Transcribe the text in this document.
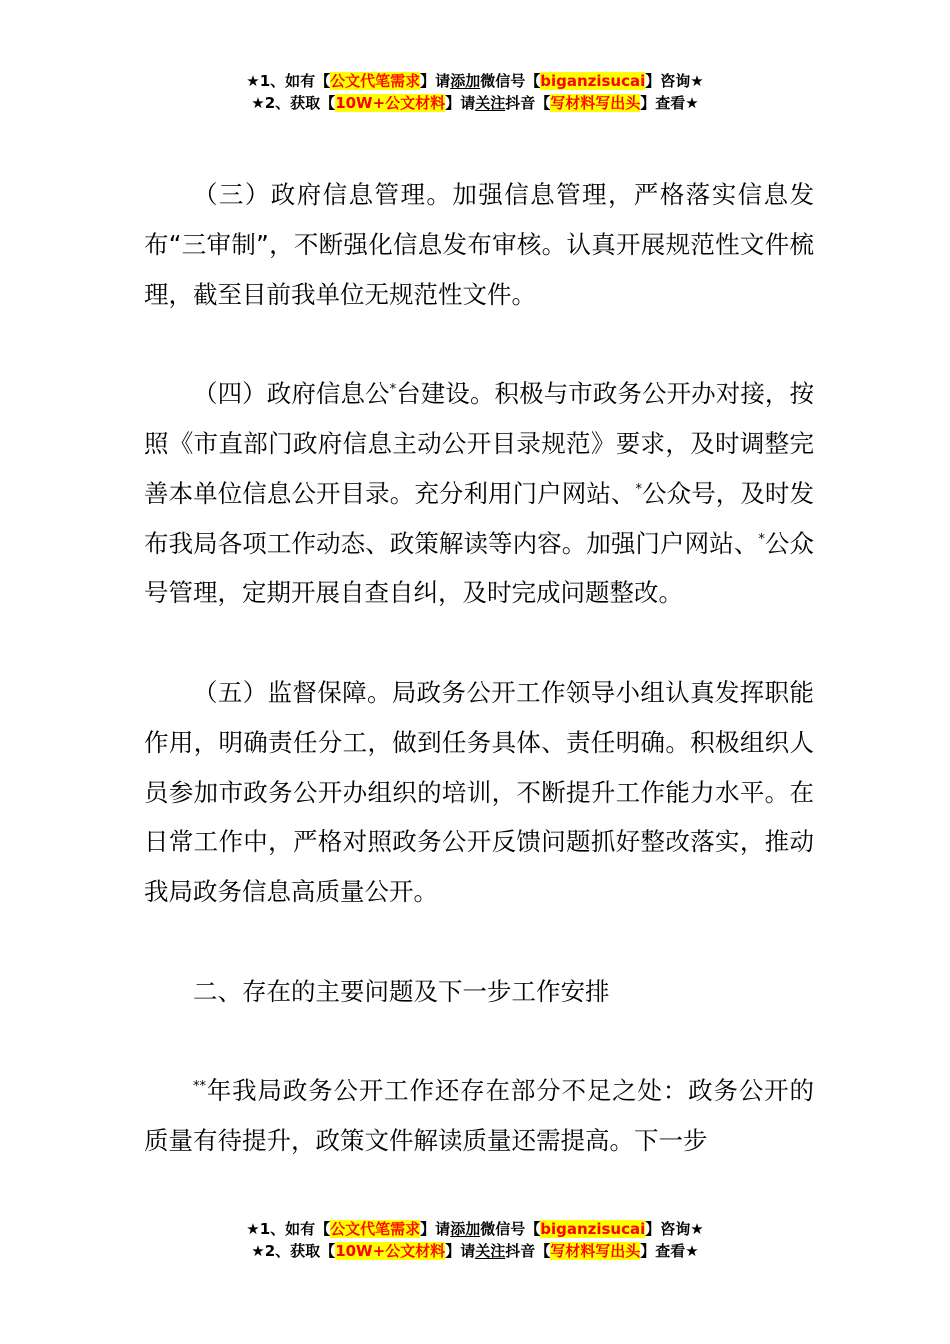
★1、如有【公文代笔需求】请添加微信号【biganzisucai】咨询★
★2、获取【10W+公文材料】请关注抖音【写材料写出头】查看★

（三）政府信息管理。加强信息管理，严格落实信息发布“三审制”，不断强化信息发布审核。认真开展规范性文件梳理，截至目前我单位无规范性文件。

（四）政府信息公*台建设。积极与市政务公开办对接，按照《市直部门政府信息主动公开目录规范》要求，及时调整完善本单位信息公开目录。充分利用门户网站、*公众号，及时发布我局各项工作动态、政策解读等内容。加强门户网站、*公众号管理，定期开展自查自纠，及时完成问题整改。

（五）监督保障。局政务公开工作领导小组认真发挥职能作用，明确责任分工，做到任务具体、责任明确。积极组织人员参加市政务公开办组织的培训，不断提升工作能力水平。在日常工作中，严格对照政务公开反馈问题抓好整改落实，推动我局政务信息高质量公开。

二、存在的主要问题及下一步工作安排

**年我局政务公开工作还存在部分不足之处：政务公开的质量有待提升，政策文件解读质量还需提高。下一步

★1、如有【公文代笔需求】请添加微信号【biganzisucai】咨询★
★2、获取【10W+公文材料】请关注抖音【写材料写出头】查看★
